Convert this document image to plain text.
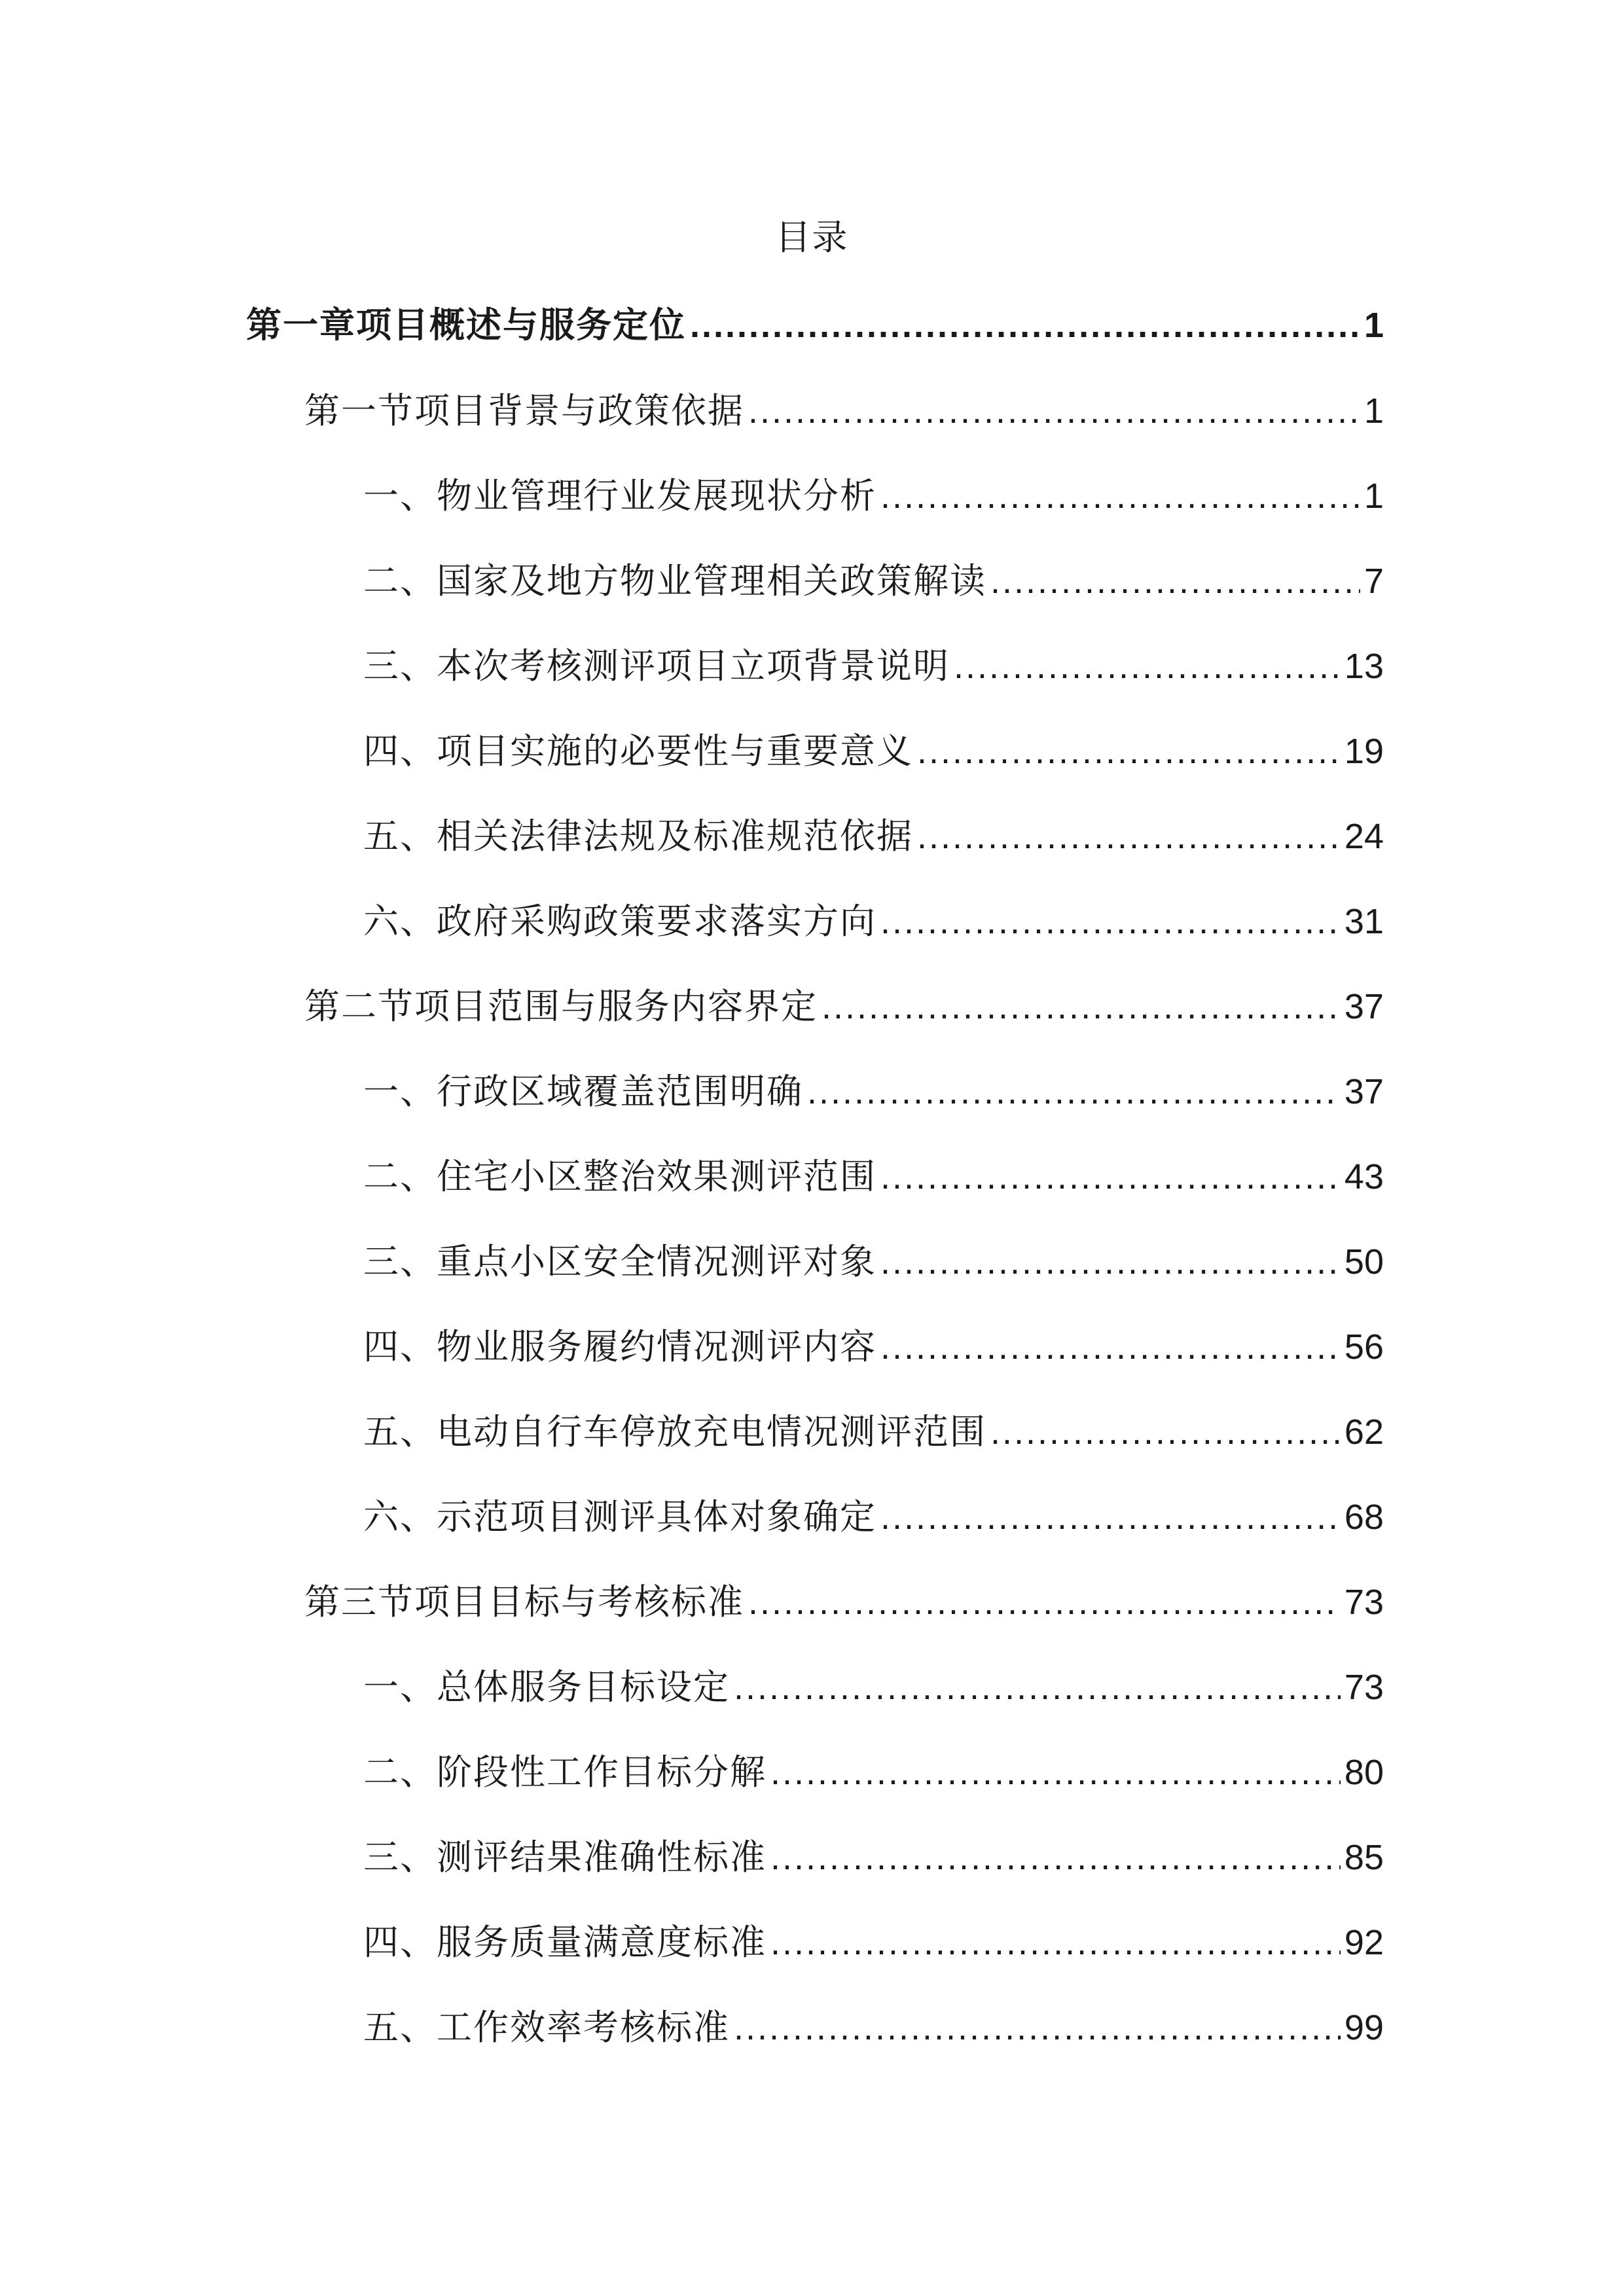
目录
第一章项目概述与服务定位 .....	1
第一节项目背景与政策依据 .....	1
一、物业管理行业发展现状分析 .....	1
二、国家及地方物业管理相关政策解读 .....	7
三、本次考核测评项目立项背景说明 .....	13
四、项目实施的必要性与重要意义 .....	19
五、相关法律法规及标准规范依据 .....	24
六、政府采购政策要求落实方向 .....	31
第二节项目范围与服务内容界定 .....	37
一、行政区域覆盖范围明确 .....	37
二、住宅小区整治效果测评范围 .....	43
三、重点小区安全情况测评对象 .....	50
四、物业服务履约情况测评内容 .....	56
五、电动自行车停放充电情况测评范围 .....	62
六、示范项目测评具体对象确定 .....	68
第三节项目目标与考核标准 .....	73
一、总体服务目标设定 .....	73
二、阶段性工作目标分解 .....	80
三、测评结果准确性标准 .....	85
四、服务质量满意度标准 .....	92
五、工作效率考核标准 .....	99
